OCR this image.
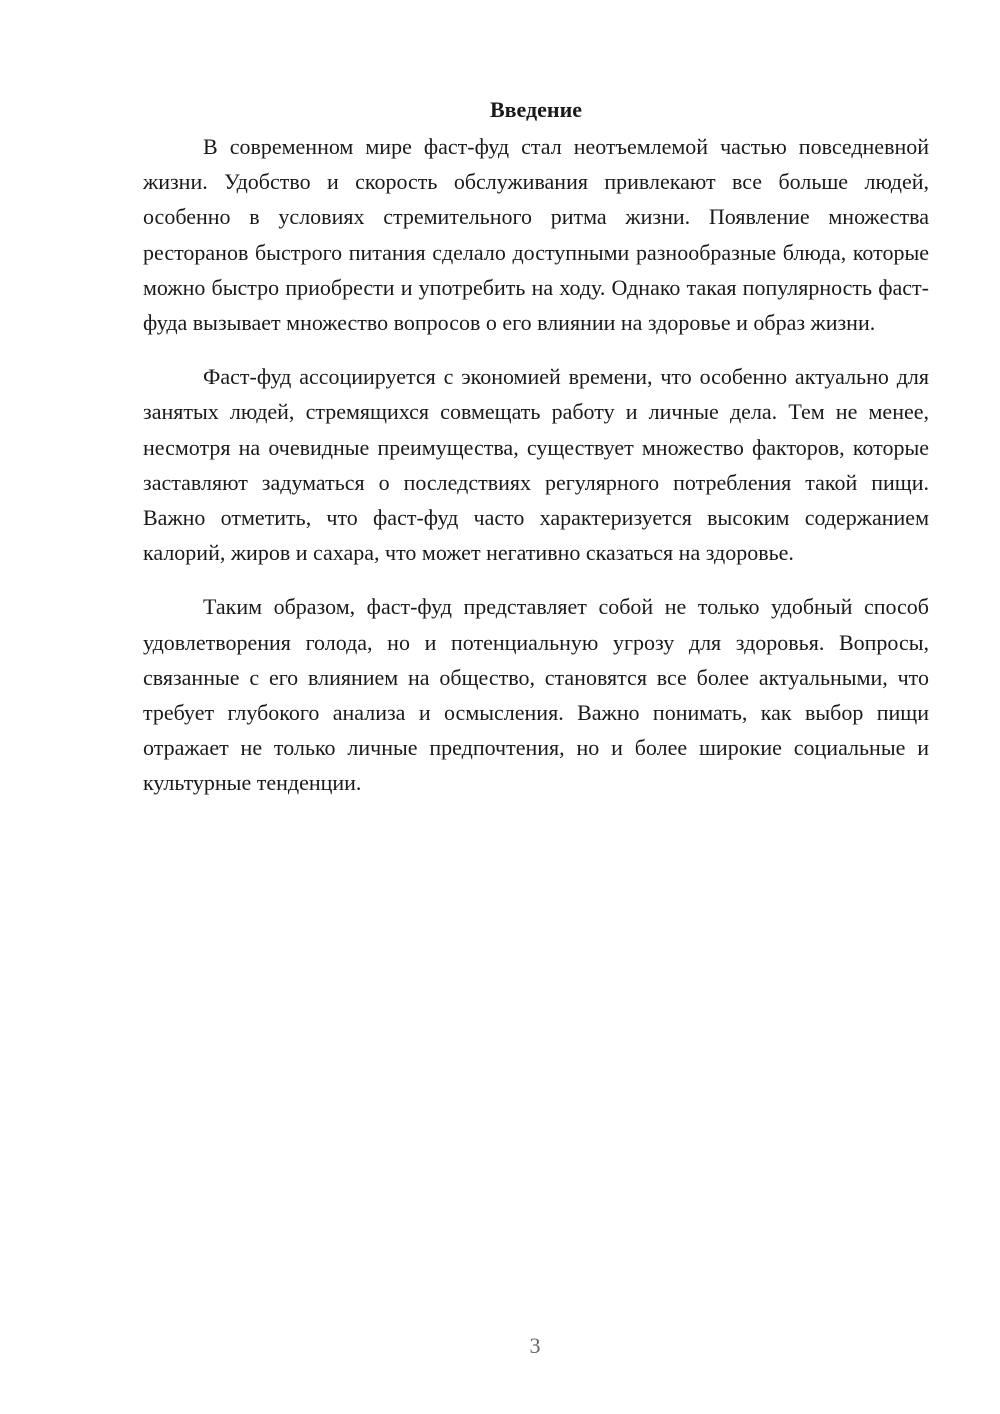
Введение

В современном мире фаст-фуд стал неотъемлемой частью повседневной жизни. Удобство и скорость обслуживания привлекают все больше людей, особенно в условиях стремительного ритма жизни. Появление множества ресторанов быстрого питания сделало доступными разнообразные блюда, которые можно быстро приобрести и употребить на ходу. Однако такая популярность фаст-фуда вызывает множество вопросов о его влиянии на здоровье и образ жизни.

Фаст-фуд ассоциируется с экономией времени, что особенно актуально для занятых людей, стремящихся совмещать работу и личные дела. Тем не менее, несмотря на очевидные преимущества, существует множество факторов, которые заставляют задуматься о последствиях регулярного потребления такой пищи. Важно отметить, что фаст-фуд часто характеризуется высоким содержанием калорий, жиров и сахара, что может негативно сказаться на здоровье.

Таким образом, фаст-фуд представляет собой не только удобный способ удовлетворения голода, но и потенциальную угрозу для здоровья. Вопросы, связанные с его влиянием на общество, становятся все более актуальными, что требует глубокого анализа и осмысления. Важно понимать, как выбор пищи отражает не только личные предпочтения, но и более широкие социальные и культурные тенденции.

3
